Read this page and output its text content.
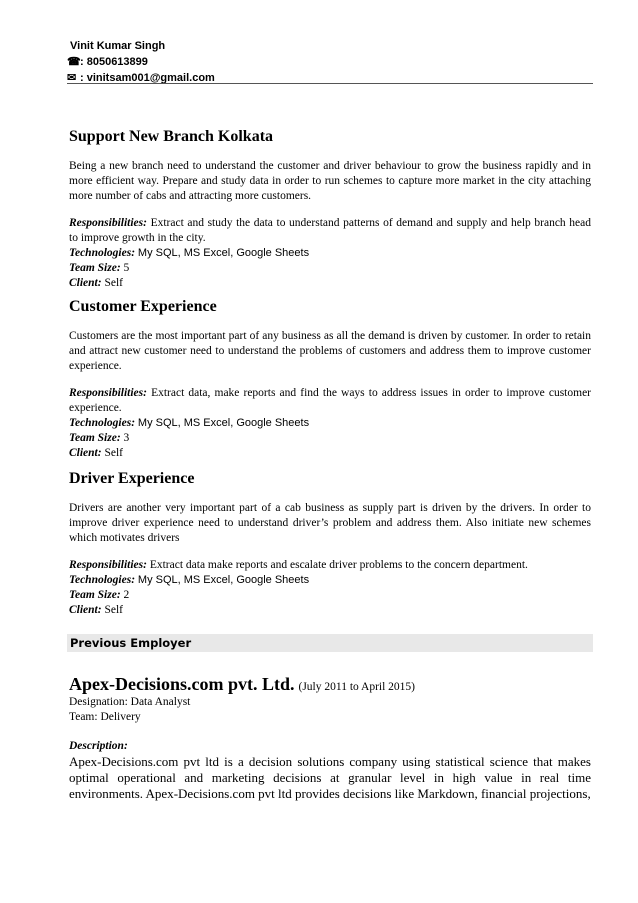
Vinit Kumar Singh
☎: 8050613899
✉ : vinitsam001@gmail.com
Support New Branch Kolkata

Being a new branch need to understand the customer and driver behaviour to grow the business rapidly and in more efficient way. Prepare and study data in order to run schemes to capture more market in the city attaching more number of cabs and attracting more customers.

Responsibilities: Extract and study the data to understand patterns of demand and supply and help branch head to improve growth in the city.
Technologies: My SQL, MS Excel, Google Sheets
Team Size: 5
Client: Self
Customer Experience

Customers are the most important part of any business as all the demand is driven by customer. In order to retain and attract new customer need to understand the problems of customers and address them to improve customer experience.

Responsibilities: Extract data, make reports and find the ways to address issues in order to improve customer experience.
Technologies: My SQL, MS Excel, Google Sheets
Team Size: 3
Client: Self
Driver Experience

Drivers are another very important part of a cab business as supply part is driven by the drivers. In order to improve driver experience need to understand driver’s problem and address them. Also initiate new schemes which motivates drivers

Responsibilities: Extract data make reports and escalate driver problems to the concern department.
Technologies: My SQL, MS Excel, Google Sheets
Team Size: 2
Client: Self
Previous Employer
Apex-Decisions.com pvt. Ltd. (July 2011 to April 2015)
Designation: Data Analyst
Team: Delivery
Description:

Apex-Decisions.com pvt ltd is a decision solutions company using statistical science that makes optimal operational and marketing decisions at granular level in high value in real time environments. Apex-Decisions.com pvt ltd provides decisions like Markdown, financial projections,
